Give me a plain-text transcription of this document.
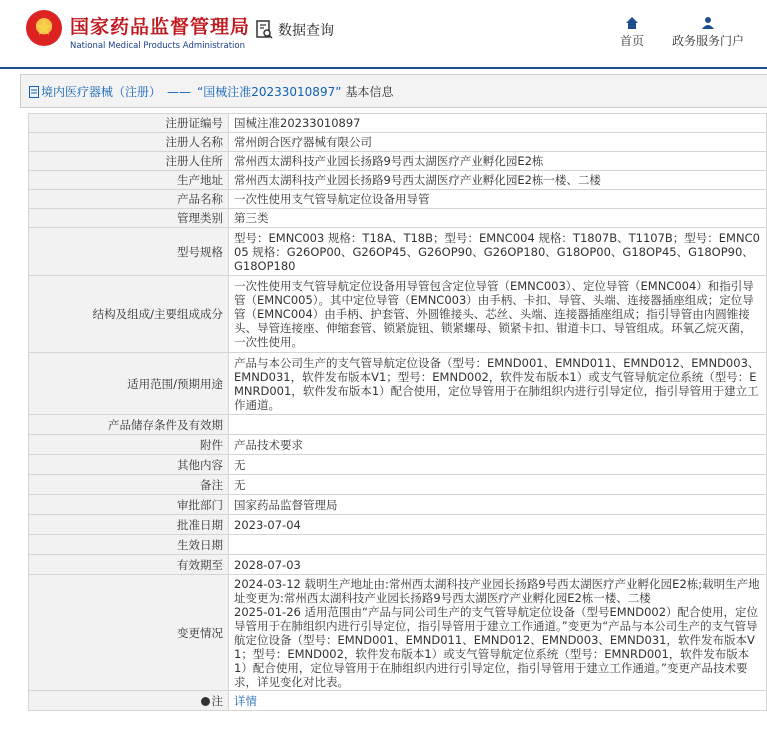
国家药品监督管理局
National Medical Products Administration
数据查询
首页 政务服务门户
境内医疗器械（注册） —— “国械注准20233010897” 基本信息
注册证编号	国械注准20233010897
注册人名称	常州朗合医疗器械有限公司
注册人住所	常州西太湖科技产业园长扬路9号西太湖医疗产业孵化园E2栋
生产地址	常州西太湖科技产业园长扬路9号西太湖医疗产业孵化园E2栋一楼、二楼
产品名称	一次性使用支气管导航定位设备用导管
管理类别	第三类
型号规格	型号：EMNC003 规格：T18A、T18B；型号：EMNC004 规格：T1807B、T1107B；型号：EMNC005 规格：G26OP00、G26OP45、G26OP90、G26OP180、G18OP00、G18OP45、G18OP90、G18OP180
结构及组成/主要组成成分	一次性使用支气管导航定位设备用导管包含定位导管（EMNC003）、定位导管（EMNC004）和指引导管（EMNC005）。其中定位导管（EMNC003）由手柄、卡扣、导管、头端、连接器插座组成；定位导管（EMNC004）由手柄、护套管、外圆锥接头、芯丝、头端、连接器插座组成；指引导管由内圆锥接头、导管连接座、伸缩套管、锁紧旋钮、锁紧螺母、锁紧卡扣、钳道卡口、导管组成。环氧乙烷灭菌，一次性使用。
适用范围/预期用途	产品与本公司生产的支气管导航定位设备（型号：EMND001、EMND011、EMND012、EMND003、EMND031，软件发布版本V1；型号：EMND002，软件发布版本1）或支气管导航定位系统（型号：EMNRD001，软件发布版本1）配合使用，定位导管用于在肺组织内进行引导定位，指引导管用于建立工作通道。
产品储存条件及有效期	
附件	产品技术要求
其他内容	无
备注	无
审批部门	国家药品监督管理局
批准日期	2023-07-04
生效日期	
有效期至	2028-07-03
变更情况	2024-03-12 载明生产地址由:常州西太湖科技产业园长扬路9号西太湖医疗产业孵化园E2栋;载明生产地址变更为:常州西太湖科技产业园长扬路9号西太湖医疗产业孵化园E2栋一楼、二楼
2025-01-26 适用范围由“产品与同公司生产的支气管导航定位设备（型号EMND002）配合使用，定位导管用于在肺组织内进行引导定位，指引导管用于建立工作通道。”变更为“产品与本公司生产的支气管导航定位设备（型号：EMND001、EMND011、EMND012、EMND003、EMND031，软件发布版本V1；型号：EMND002，软件发布版本1）或支气管导航定位系统（型号：EMNRD001，软件发布版本1）配合使用，定位导管用于在肺组织内进行引导定位，指引导管用于建立工作通道。”变更产品技术要求，详见变化对比表。
注	详情
